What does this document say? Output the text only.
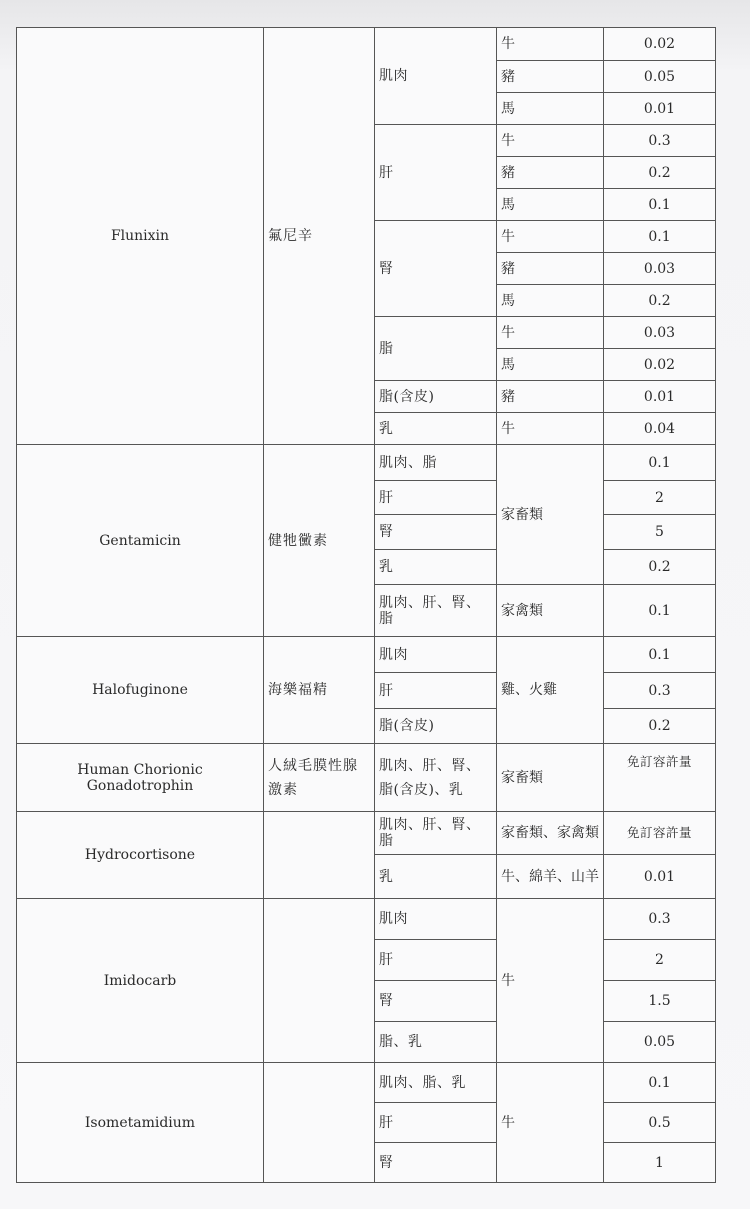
Flunixin	氟尼辛	肌肉	牛	0.02
			豬	0.05
			馬	0.01
		肝	牛	0.3
			豬	0.2
			馬	0.1
		腎	牛	0.1
			豬	0.03
			馬	0.2
		脂	牛	0.03
			馬	0.02
		脂(含皮)	豬	0.01
		乳	牛	0.04
Gentamicin	健牠黴素	肌肉、脂	家畜類	0.1
		肝		2
		腎		5
		乳		0.2
		肌肉、肝、腎、脂	家禽類	0.1
Halofuginone	海樂福精	肌肉	雞、火雞	0.1
		肝		0.3
		脂(含皮)		0.2

Human Chorionic
Gonadotrophin	人絨毛膜性腺激素	肌肉、肝、腎、脂(含皮)、乳	家畜類	免訂容許量
Hydrocortisone		肌肉、肝、腎、脂	家畜類、家禽類	免訂容許量
		乳	牛、綿羊、山羊	0.01
Imidocarb		肌肉	牛	0.3
		肝		2
		腎		1.5
		脂、乳		0.05
Isometamidium		肌肉、脂、乳	牛	0.1
		肝		0.5
		腎		1
